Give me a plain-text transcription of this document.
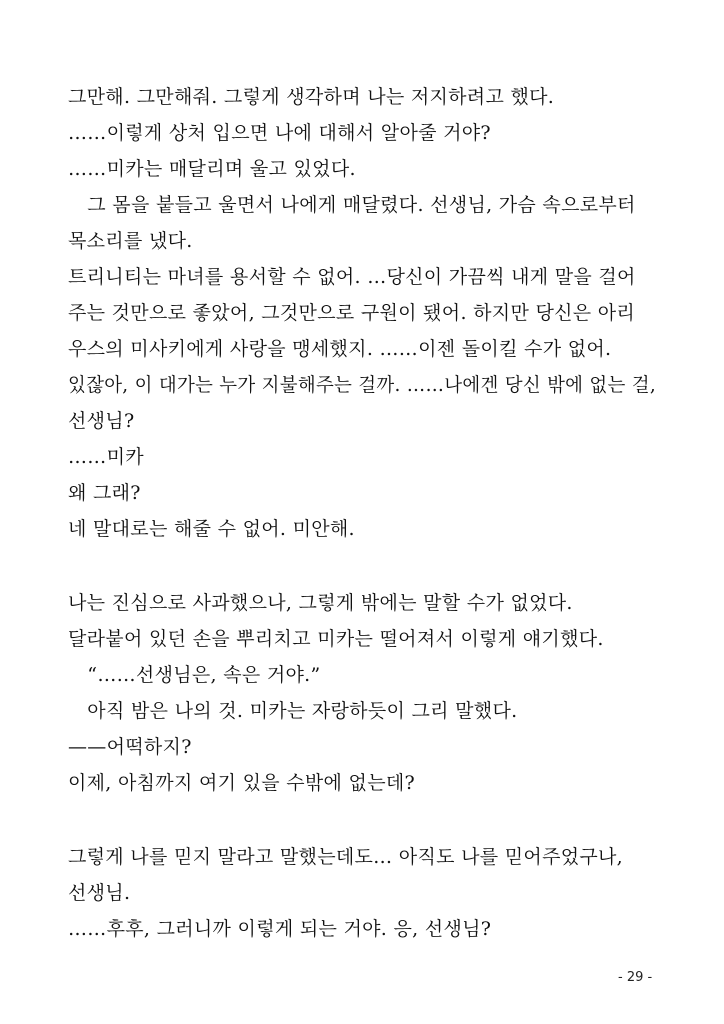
그만해. 그만해줘. 그렇게 생각하며 나는 저지하려고 했다.
……이렇게 상처 입으면 나에 대해서 알아줄 거야?
……미카는 매달리며 울고 있었다.
　그 몸을 붙들고 울면서 나에게 매달렸다. 선생님, 가슴 속으로부터
목소리를 냈다.
트리니티는 마녀를 용서할 수 없어. …당신이 가끔씩 내게 말을 걸어
주는 것만으로 좋았어, 그것만으로 구원이 됐어. 하지만 당신은 아리
우스의 미사키에게 사랑을 맹세했지. ……이젠 돌이킬 수가 없어.
있잖아, 이 대가는 누가 지불해주는 걸까. ……나에겐 당신 밖에 없는 걸,
선생님?
……미카
왜 그래?
네 말대로는 해줄 수 없어. 미안해.
나는 진심으로 사과했으나, 그렇게 밖에는 말할 수가 없었다.
달라붙어 있던 손을 뿌리치고 미카는 떨어져서 이렇게 얘기했다.
　“……선생님은, 속은 거야.”
　아직 밤은 나의 것. 미카는 자랑하듯이 그리 말했다.
——어떡하지?
이제, 아침까지 여기 있을 수밖에 없는데?
그렇게 나를 믿지 말라고 말했는데도… 아직도 나를 믿어주었구나,
선생님.
……후후, 그러니까 이렇게 되는 거야. 응, 선생님?
- 29 -
